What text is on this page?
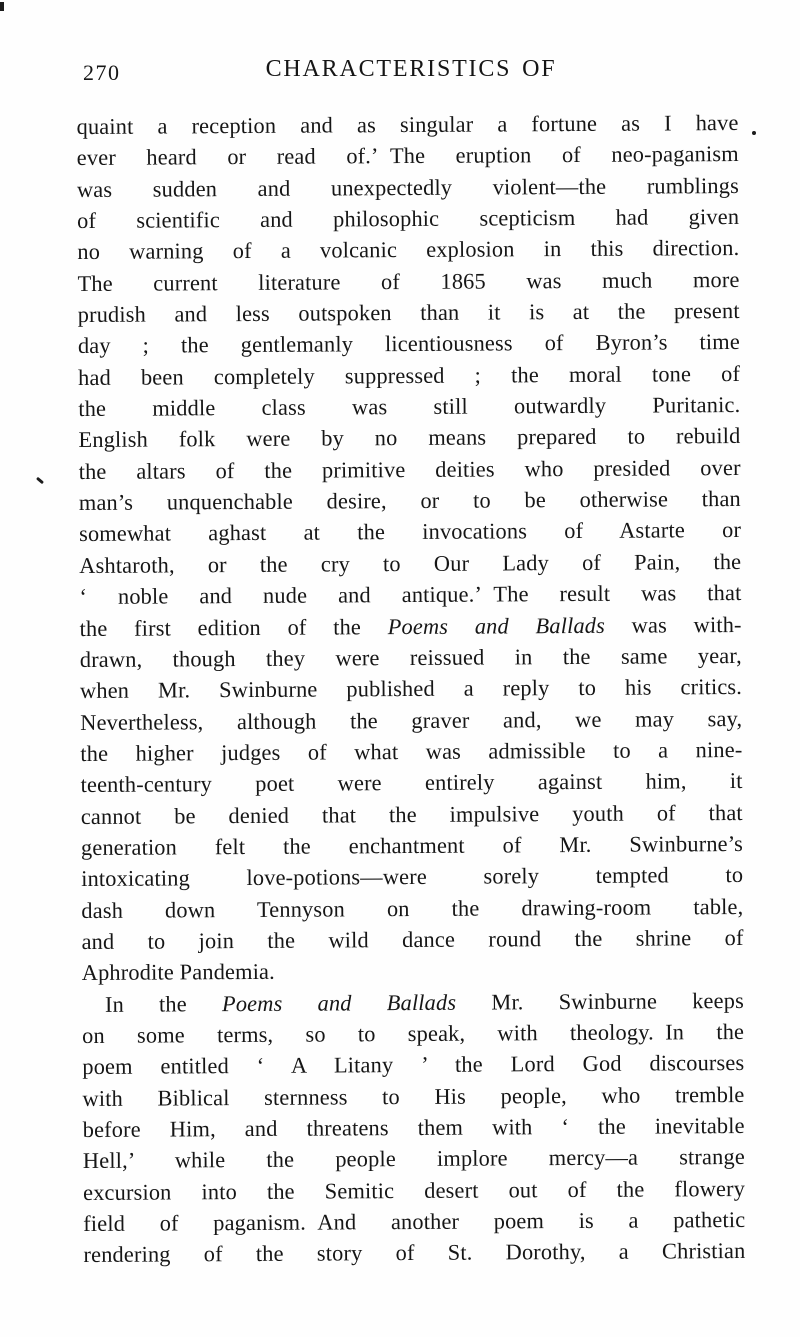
270	CHARACTERISTICS OF
quaint a reception and as singular a fortune as I have
ever heard or read of.’ The eruption of neo-paganism
was sudden and unexpectedly violent—the rumblings
of scientific and philosophic scepticism had given
no warning of a volcanic explosion in this direction.
The current literature of 1865 was much more
prudish and less outspoken than it is at the present
day ; the gentlemanly licentiousness of Byron’s time
had been completely suppressed ; the moral tone of
the middle class was still outwardly Puritanic.
English folk were by no means prepared to rebuild
the altars of the primitive deities who presided over
man’s unquenchable desire, or to be otherwise than
somewhat aghast at the invocations of Astarte or
Ashtaroth, or the cry to Our Lady of Pain, the
‘ noble and nude and antique.’ The result was that
the first edition of the Poems and Ballads was with-
drawn, though they were reissued in the same year,
when Mr. Swinburne published a reply to his critics.
Nevertheless, although the graver and, we may say,
the higher judges of what was admissible to a nine-
teenth-century poet were entirely against him, it
cannot be denied that the impulsive youth of that
generation felt the enchantment of Mr. Swinburne’s
intoxicating love-potions—were sorely tempted to
dash down Tennyson on the drawing-room table,
and to join the wild dance round the shrine of
Aphrodite Pandemia.
In the Poems and Ballads Mr. Swinburne keeps
on some terms, so to speak, with theology. In the
poem entitled ‘ A Litany ’ the Lord God discourses
with Biblical sternness to His people, who tremble
before Him, and threatens them with ‘ the inevitable
Hell,’ while the people implore mercy—a strange
excursion into the Semitic desert out of the flowery
field of paganism. And another poem is a pathetic
rendering of the story of St. Dorothy, a Christian
